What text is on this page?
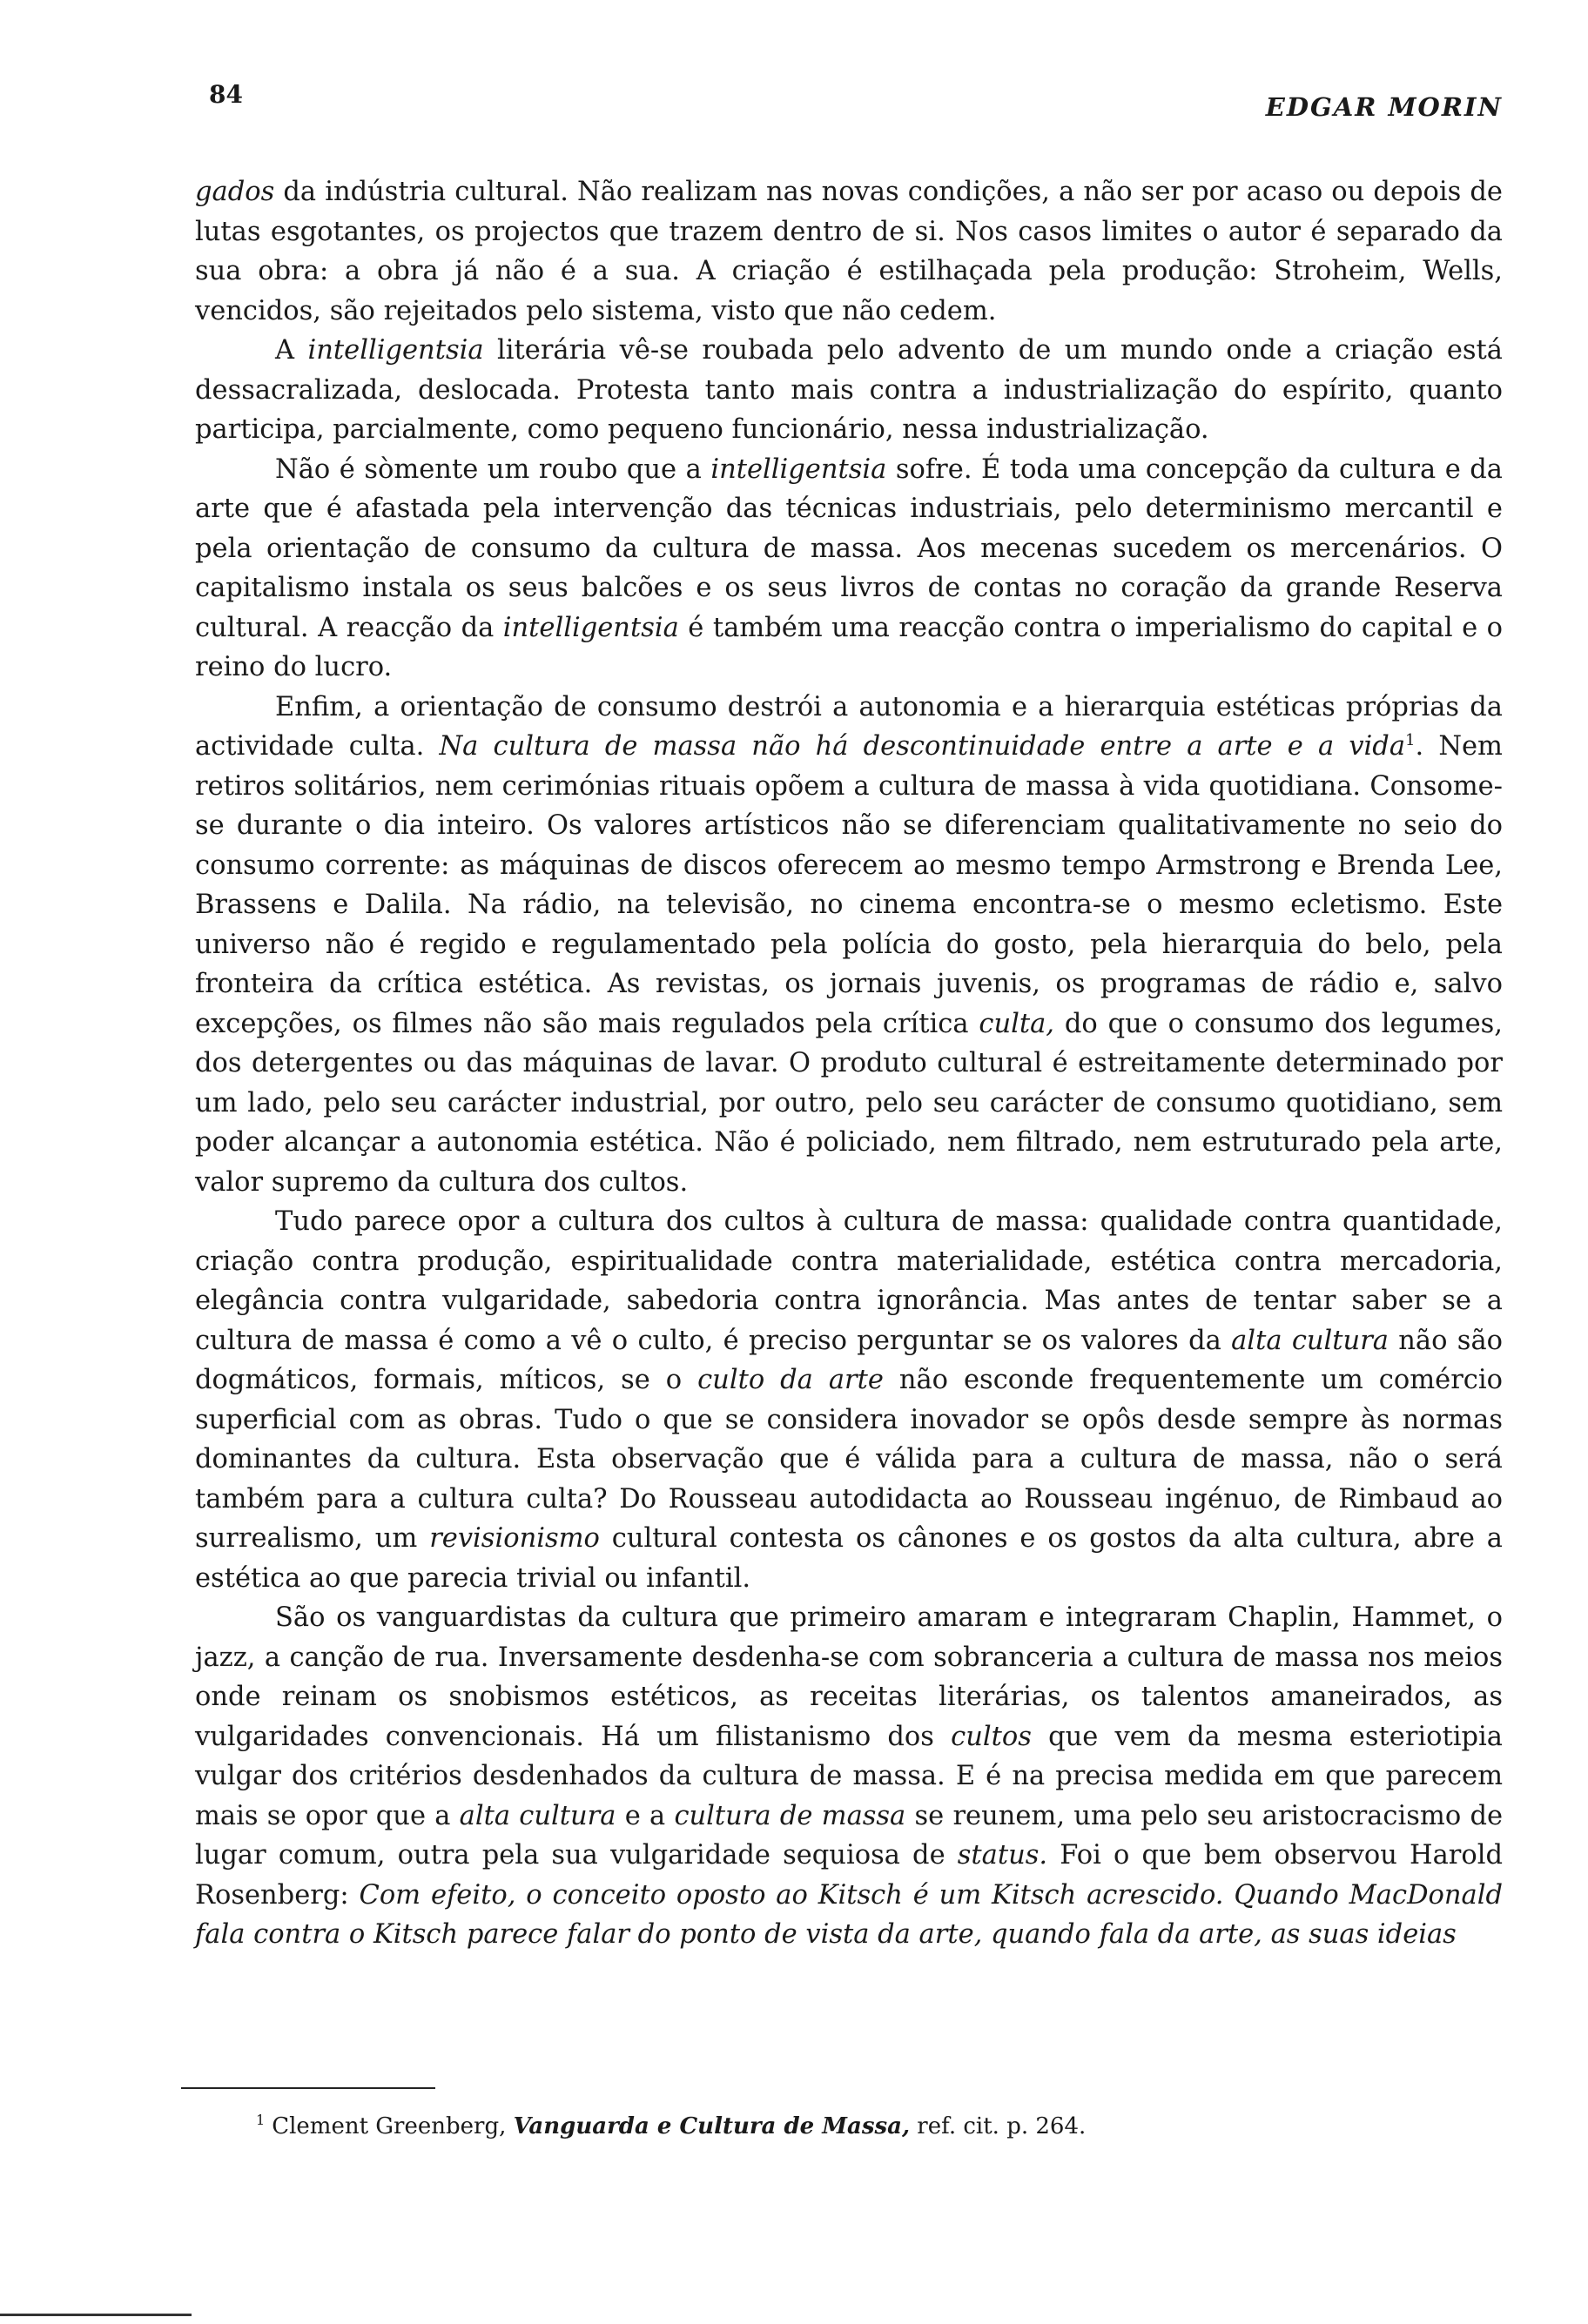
84	EDGAR MORIN

gados da indústria cultural. Não realizam nas novas condições, a não ser por acaso ou depois de lutas esgotantes, os projectos que trazem dentro de si. Nos casos limites o autor é separado da sua obra: a obra já não é a sua. A criação é estilhaçada pela produção: Stroheim, Wells, vencidos, são rejeitados pelo sistema, visto que não cedem.

A intelligentsia literária vê-se roubada pelo advento de um mundo onde a criação está dessacralizada, deslocada. Protesta tanto mais contra a industrialização do espírito, quanto participa, parcialmente, como pequeno funcionário, nessa industrialização.

Não é sòmente um roubo que a intelligentsia sofre. É toda uma concepção da cultura e da arte que é afastada pela intervenção das técnicas industriais, pelo determinismo mercantil e pela orientação de consumo da cultura de massa. Aos mecenas sucedem os mercenários. O capitalismo instala os seus balcões e os seus livros de contas no coração da grande Reserva cultural. A reacção da intelligentsia é também uma reacção contra o imperialismo do capital e o reino do lucro.

Enfim, a orientação de consumo destrói a autonomia e a hierarquia estéticas próprias da actividade culta. Na cultura de massa não há descontinuidade entre a arte e a vida$^1$. Nem retiros solitários, nem cerimónias rituais opõem a cultura de massa à vida quotidiana. Consome-se durante o dia inteiro. Os valores artísticos não se diferenciam qualitativamente no seio do consumo corrente: as máquinas de discos oferecem ao mesmo tempo Armstrong e Brenda Lee, Brassens e Dalila. Na rádio, na televisão, no cinema encontra-se o mesmo ecletismo. Este universo não é regido e regulamentado pela polícia do gosto, pela hierarquia do belo, pela fronteira da crítica estética. As revistas, os jornais juvenis, os programas de rádio e, salvo excepções, os filmes não são mais regulados pela crítica culta, do que o consumo dos legumes, dos detergentes ou das máquinas de lavar. O produto cultural é estreitamente determinado por um lado, pelo seu carácter industrial, por outro, pelo seu carácter de consumo quotidiano, sem poder alcançar a autonomia estética. Não é policiado, nem filtrado, nem estruturado pela arte, valor supremo da cultura dos cultos.

Tudo parece opor a cultura dos cultos à cultura de massa: qualidade contra quantidade, criação contra produção, espiritualidade contra materialidade, estética contra mercadoria, elegância contra vulgaridade, sabedoria contra ignorância. Mas antes de tentar saber se a cultura de massa é como a vê o culto, é preciso perguntar se os valores da alta cultura não são dogmáticos, formais, míticos, se o culto da arte não esconde frequentemente um comércio superficial com as obras. Tudo o que se considera inovador se opôs desde sempre às normas dominantes da cultura. Esta observação que é válida para a cultura de massa, não o será também para a cultura culta? Do Rousseau autodidacta ao Rousseau ingénuo, de Rimbaud ao surrealismo, um revisionismo cultural contesta os cânones e os gostos da alta cultura, abre a estética ao que parecia trivial ou infantil.

São os vanguardistas da cultura que primeiro amaram e integraram Chaplin, Hammet, o jazz, a canção de rua. Inversamente desdenha-se com sobranceria a cultura de massa nos meios onde reinam os snobismos estéticos, as receitas literárias, os talentos amaneirados, as vulgaridades convencionais. Há um filistanismo dos cultos que vem da mesma esteriotipia vulgar dos critérios desdenhados da cultura de massa. E é na precisa medida em que parecem mais se opor que a alta cultura e a cultura de massa se reunem, uma pelo seu aristocracismo de lugar comum, outra pela sua vulgaridade sequiosa de status. Foi o que bem observou Harold Rosenberg: Com efeito, o conceito oposto ao Kitsch é um Kitsch acrescido. Quando MacDonald fala contra o Kitsch parece falar do ponto de vista da arte, quando fala da arte, as suas ideias

$^1$ Clement Greenberg, Vanguarda e Cultura de Massa, ref. cit. p. 264.
